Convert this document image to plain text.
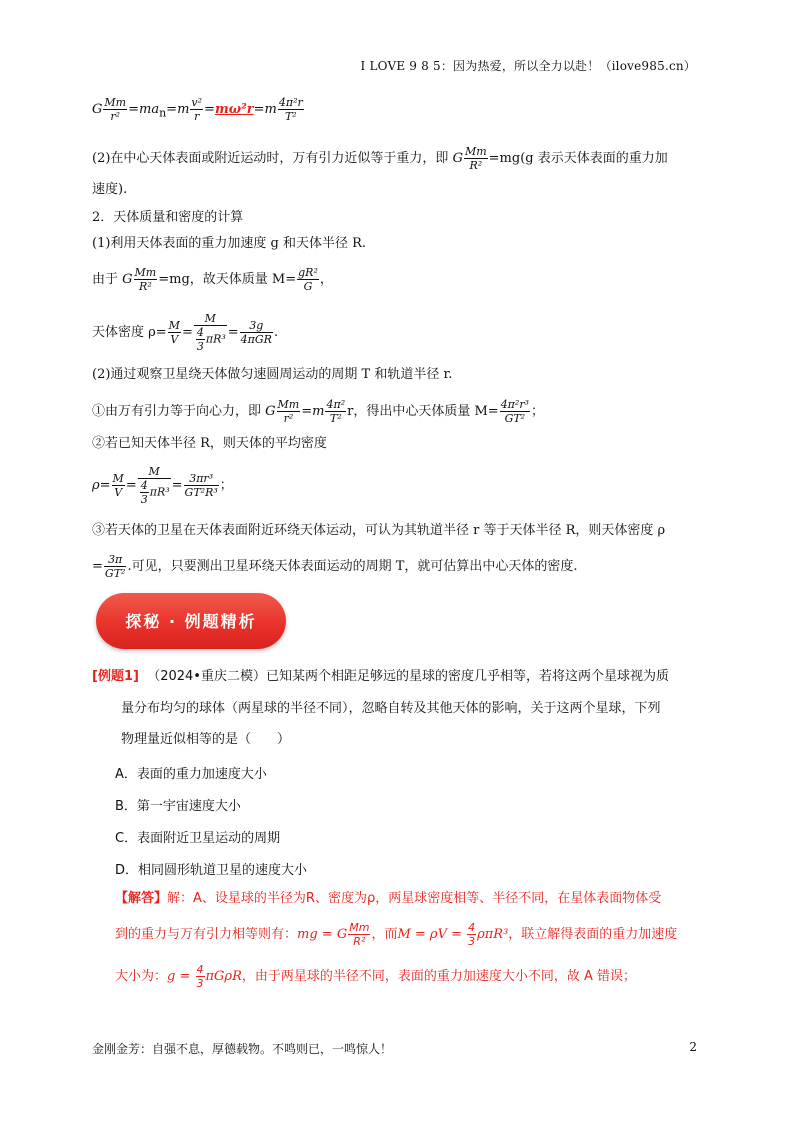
I LOVE 9 8 5：因为热爱，所以全力以赴！（ilove985.cn）
G $\frac{Mm}{\text{r²}} =ma_n=m \frac{\text{v²}}{r} =m\omega^2r=m \frac{\text{4π²r}}{\text{T²}}$
(2)在中心天体表面或附近运动时，万有引力近似等于重力，即 G $\frac{Mm}{\text{R²}} =mg(g$ 表示天体表面的重力加
速度).
2．天体质量和密度的计算
(1)利用天体表面的重力加速度 g 和天体半径 R.
由于 G $\frac{Mm}{\text{R²}} =mg$，故天体质量 $M= \frac{\text{gR²}}{G}$ ，
天体密度 $\rho= \frac{M}{V} = \frac{M}{\frac{4}{3} \pi R^3} = \frac{3g}{\text{4πGR}}$ .
(2)通过观察卫星绕天体做匀速圆周运动的周期 T 和轨道半径 r.
①由万有引力等于向心力，即 G $\frac{Mm}{\text{r²}} =m \frac{\text{4π²}}{\text{T²}}$ r，得出中心天体质量 $M= \frac{\text{4π²r³}}{\text{GT²}}$ ；
②若已知天体半径 R，则天体的平均密度
$\rho= \frac{M}{V} = \frac{M}{\frac{4}{3} \pi R^3} = \frac{\text{3πr³}}{\text{GT²R³}}$ ；
③若天体的卫星在天体表面附近环绕天体运动，可认为其轨道半径 r 等于天体半径 R，则天体密度 ρ
= $\frac{3\pi}{\text{GT²}}$ .可见，只要测出卫星环绕天体表面运动的周期 T，就可估算出中心天体的密度.
探秘 · 例题精析
[例题1] （2024•重庆二模）已知某两个相距足够远的星球的密度几乎相等，若将这两个星球视为质
量分布均匀的球体（两星球的半径不同），忽略自转及其他天体的影响，关于这两个星球，下列
物理量近似相等的是（　　）
A．表面的重力加速度大小
B．第一宇宙速度大小
C．表面附近卫星运动的周期
D．相同圆形轨道卫星的速度大小
【解答】解：A、设星球的半径为R、密度为ρ，两星球密度相等、半径不同，在星体表面物体受
到的重力与万有引力相等则有：mg = G $\frac{Mm}{\text{R²}}$ ，而$M = \rho V = \frac{4}{3} \rho\pi R^3$，联立解得表面的重力加速度
大小为：$g = \frac{4}{3}$ πGρR，由于两星球的半径不同，表面的重力加速度大小不同，故 A 错误；
金刚金芳：自强不息，厚德载物。不鸣则已，一鸣惊人！	2
